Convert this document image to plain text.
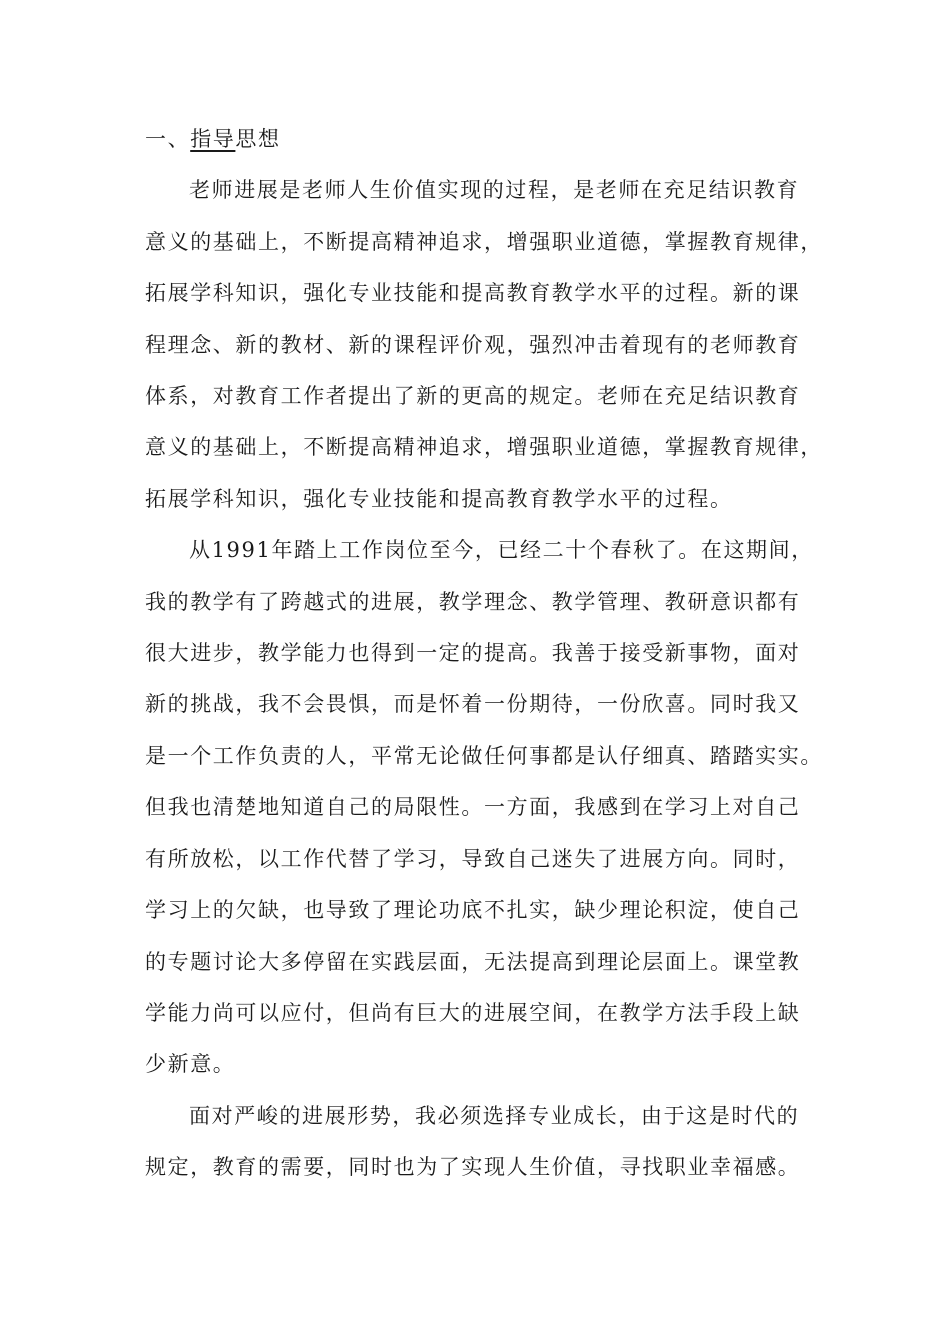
一、指导思想

老师进展是老师人生价值实现的过程，是老师在充足结识教育
意义的基础上，不断提高精神追求，增强职业道德，掌握教育规律，
拓展学科知识，强化专业技能和提高教育教学水平的过程。新的课
程理念、新的教材、新的课程评价观，强烈冲击着现有的老师教育
体系，对教育工作者提出了新的更高的规定。老师在充足结识教育
意义的基础上，不断提高精神追求，增强职业道德，掌握教育规律，
拓展学科知识，强化专业技能和提高教育教学水平的过程。
从1991年踏上工作岗位至今，已经二十个春秋了。在这期间，
我的教学有了跨越式的进展，教学理念、教学管理、教研意识都有
很大进步，教学能力也得到一定的提高。我善于接受新事物，面对
新的挑战，我不会畏惧，而是怀着一份期待，一份欣喜。同时我又
是一个工作负责的人，平常无论做任何事都是认仔细真、踏踏实实。
但我也清楚地知道自己的局限性。一方面，我感到在学习上对自己
有所放松，以工作代替了学习，导致自己迷失了进展方向。同时，
学习上的欠缺，也导致了理论功底不扎实，缺少理论积淀，使自己
的专题讨论大多停留在实践层面，无法提高到理论层面上。课堂教
学能力尚可以应付，但尚有巨大的进展空间，在教学方法手段上缺
少新意。
面对严峻的进展形势，我必须选择专业成长，由于这是时代的
规定，教育的需要，同时也为了实现人生价值，寻找职业幸福感。
